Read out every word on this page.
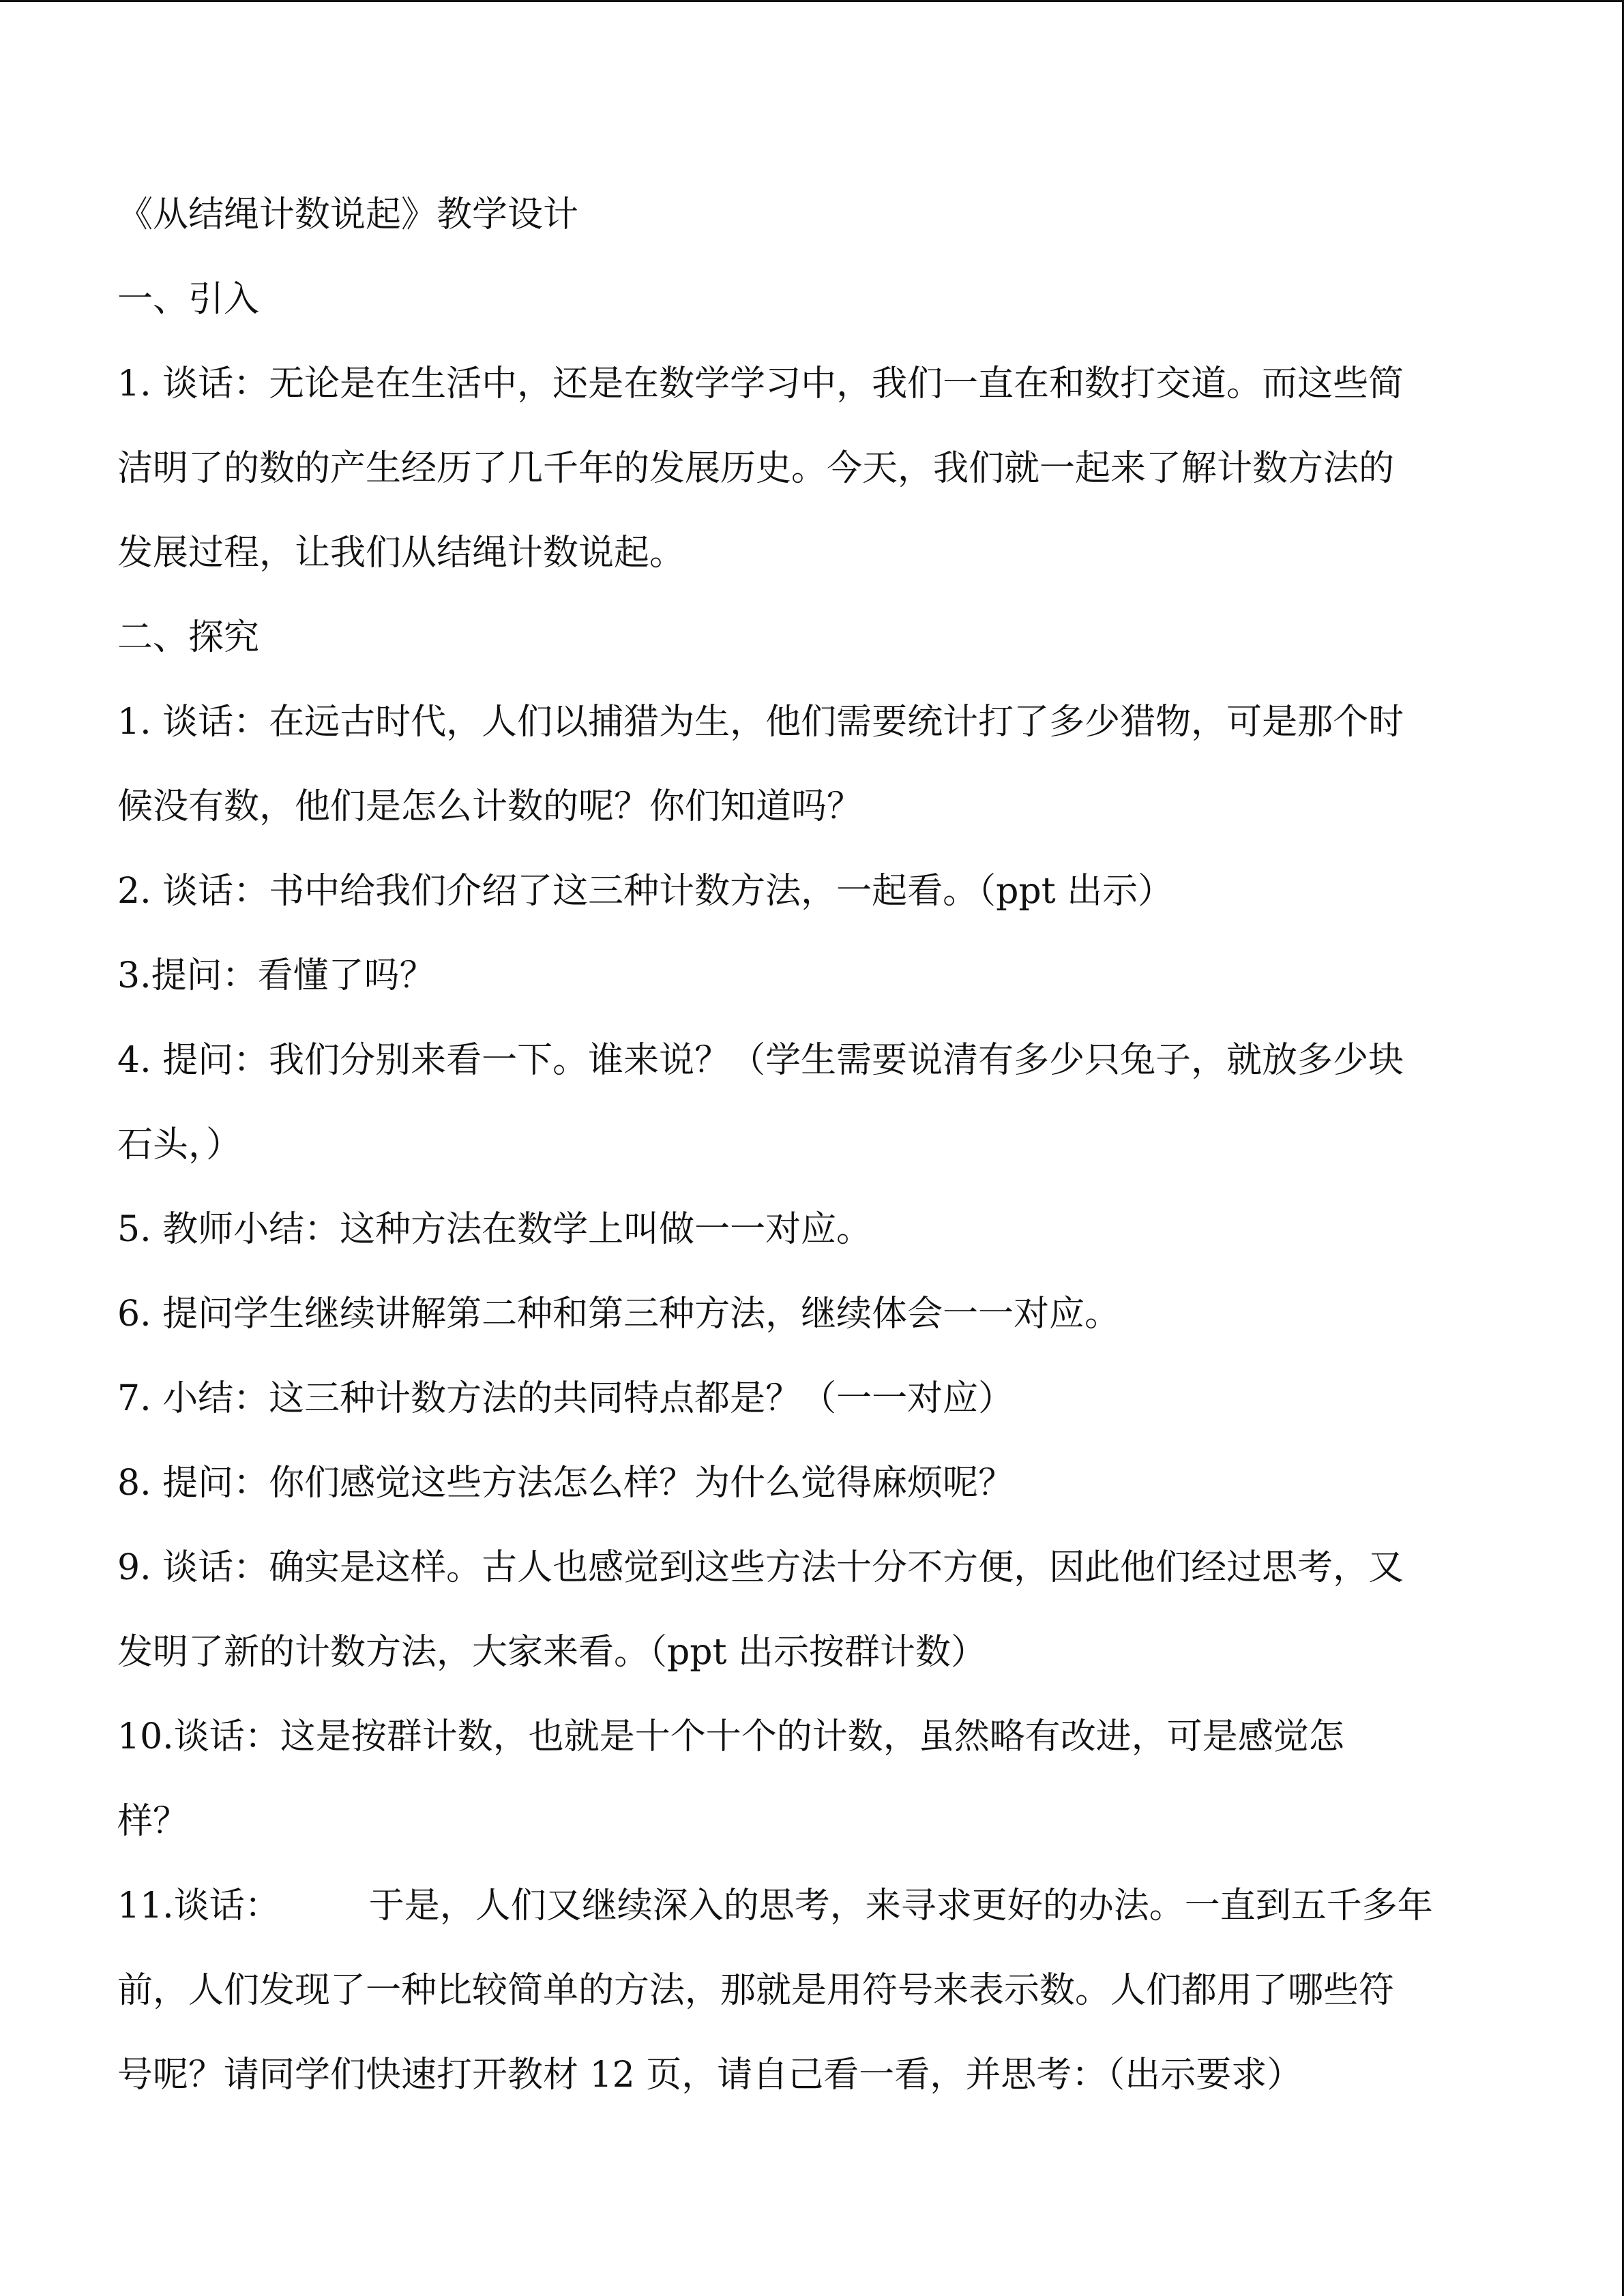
《从结绳计数说起》教学设计
一、引入
1. 谈话：无论是在生活中，还是在数学学习中，我们一直在和数打交道。而这些简
洁明了的数的产生经历了几千年的发展历史。今天，我们就一起来了解计数方法的
发展过程，让我们从结绳计数说起。
二、探究
1. 谈话：在远古时代，人们以捕猎为生，他们需要统计打了多少猎物，可是那个时
候没有数，他们是怎么计数的呢？你们知道吗？
2. 谈话：书中给我们介绍了这三种计数方法，一起看。（ppt 出示）
3.提问：看懂了吗？
4. 提问：我们分别来看一下。谁来说？（学生需要说清有多少只兔子，就放多少块
石头，）
5. 教师小结：这种方法在数学上叫做一一对应。
6. 提问学生继续讲解第二种和第三种方法，继续体会一一对应。
7. 小结：这三种计数方法的共同特点都是？（一一对应）
8. 提问：你们感觉这些方法怎么样？为什么觉得麻烦呢？
9. 谈话：确实是这样。古人也感觉到这些方法十分不方便，因此他们经过思考，又
发明了新的计数方法，大家来看。（ppt 出示按群计数）
10.谈话：这是按群计数，也就是十个十个的计数，虽然略有改进，可是感觉怎
样？
11.谈话：　　　于是，人们又继续深入的思考，来寻求更好的办法。一直到五千多年
前，人们发现了一种比较简单的方法，那就是用符号来表示数。人们都用了哪些符
号呢？请同学们快速打开教材 12 页，请自己看一看，并思考：（出示要求）
